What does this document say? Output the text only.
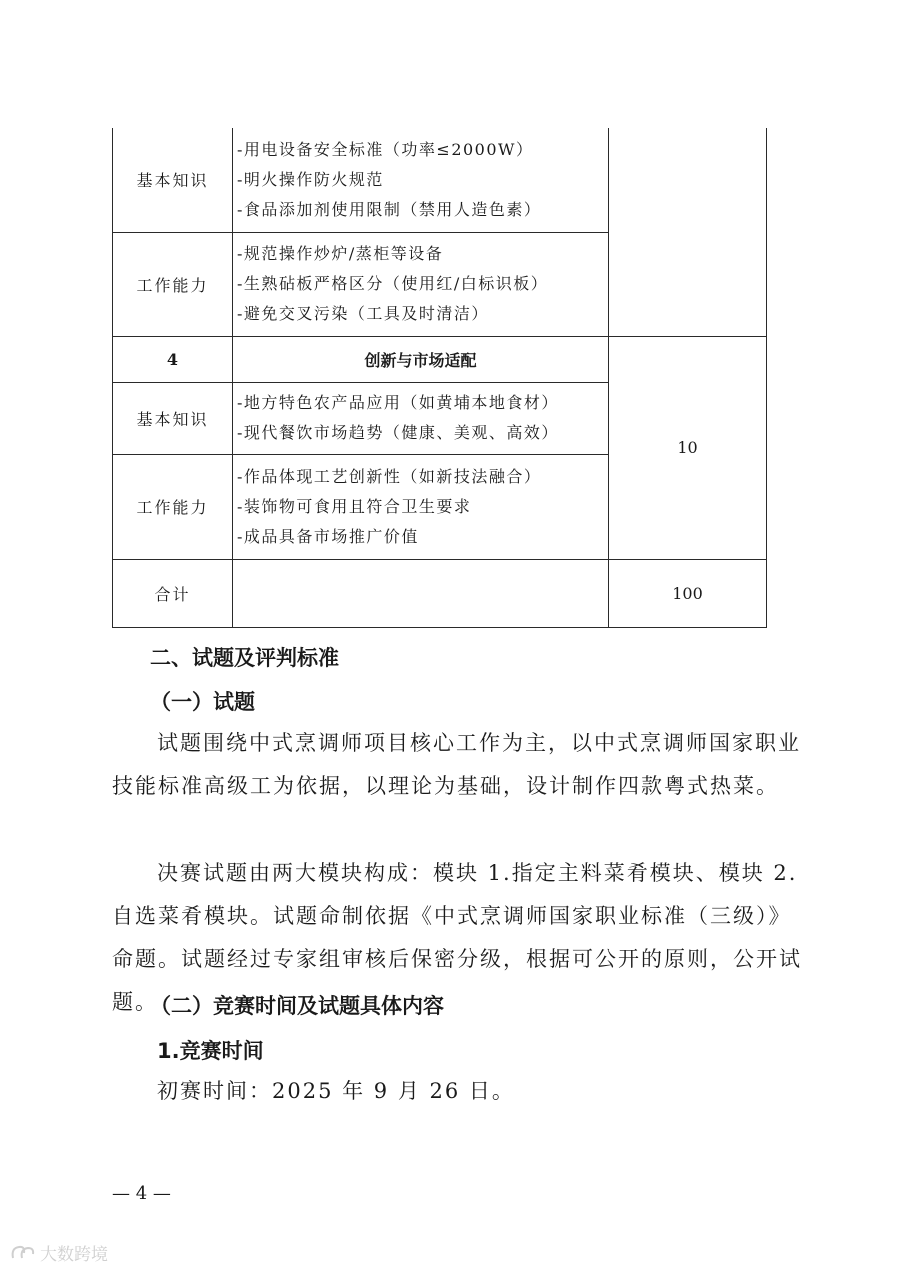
基本知识	-用电设备安全标准（功率≤2000W）
-明火操作防火规范
-食品添加剂使用限制（禁用人造色素）	

工作能力	-规范操作炒炉/蒸柜等设备
-生熟砧板严格区分（使用红/白标识板）
-避免交叉污染（工具及时清洁）	

4	创新与市场适配	10
基本知识	-地方特色农产品应用（如黄埔本地食材）
-现代餐饮市场趋势（健康、美观、高效）	

工作能力	-作品体现工艺创新性（如新技法融合）
-装饰物可食用且符合卫生要求
-成品具备市场推广价值	

合计		100
二、试题及评判标准
（一）试题
试题围绕中式烹调师项目核心工作为主，以中式烹调师国家职业技能标准高级工为依据，以理论为基础，设计制作四款粤式热菜。
决赛试题由两大模块构成：模块 1.指定主料菜肴模块、模块 2.自选菜肴模块。试题命制依据《中式烹调师国家职业标准（三级）》命题。试题经过专家组审核后保密分级，根据可公开的原则，公开试题。
（二）竞赛时间及试题具体内容
1.竞赛时间
初赛时间：2025 年 9 月 26 日。
— 4 —
大数跨境
